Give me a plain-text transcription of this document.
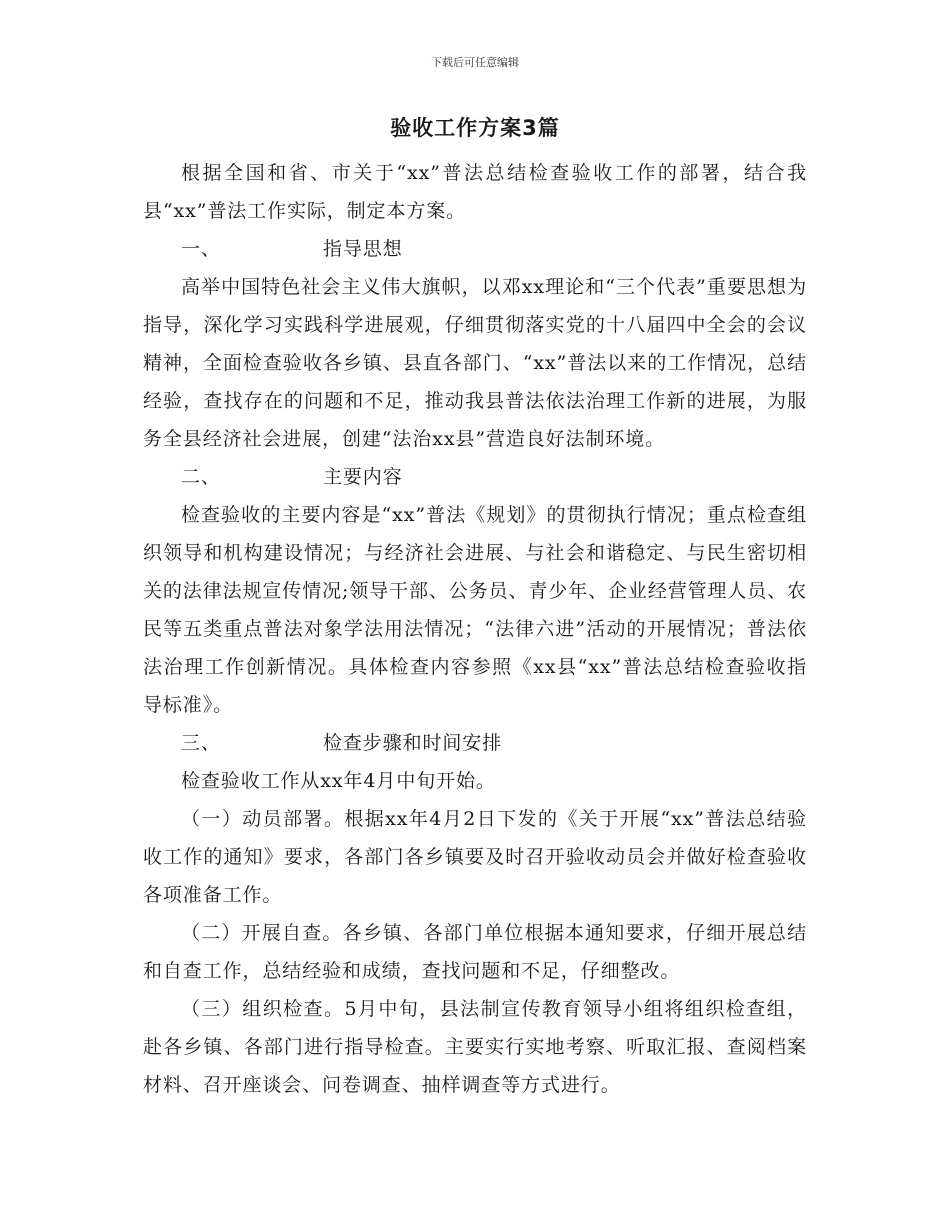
下载后可任意编辑
验收工作方案3篇

根据全国和省、市关于“xx”普法总结检查验收工作的部署，结合我县“xx”普法工作实际，制定本方案。

一、	指导思想

高举中国特色社会主义伟大旗帜，以邓xx理论和“三个代表”重要思想为指导，深化学习实践科学进展观，仔细贯彻落实党的十八届四中全会的会议精神，全面检查验收各乡镇、县直各部门、“xx”普法以来的工作情况，总结经验，查找存在的问题和不足，推动我县普法依法治理工作新的进展，为服务全县经济社会进展，创建“法治xx县”营造良好法制环境。

二、	主要内容

检查验收的主要内容是“xx”普法《规划》的贯彻执行情况；重点检查组织领导和机构建设情况；与经济社会进展、与社会和谐稳定、与民生密切相关的法律法规宣传情况;领导干部、公务员、青少年、企业经营管理人员、农民等五类重点普法对象学法用法情况；“法律六进”活动的开展情况；普法依法治理工作创新情况。具体检查内容参照《xx县“xx”普法总结检查验收指导标准》。

三、	检查步骤和时间安排

检查验收工作从xx年4月中旬开始。

（一）动员部署。根据xx年4月2日下发的《关于开展“xx”普法总结验收工作的通知》要求，各部门各乡镇要及时召开验收动员会并做好检查验收各项准备工作。

（二）开展自查。各乡镇、各部门单位根据本通知要求，仔细开展总结和自查工作，总结经验和成绩，查找问题和不足，仔细整改。

（三）组织检查。5月中旬，县法制宣传教育领导小组将组织检查组，赴各乡镇、各部门进行指导检查。主要实行实地考察、听取汇报、查阅档案材料、召开座谈会、问卷调查、抽样调查等方式进行。
